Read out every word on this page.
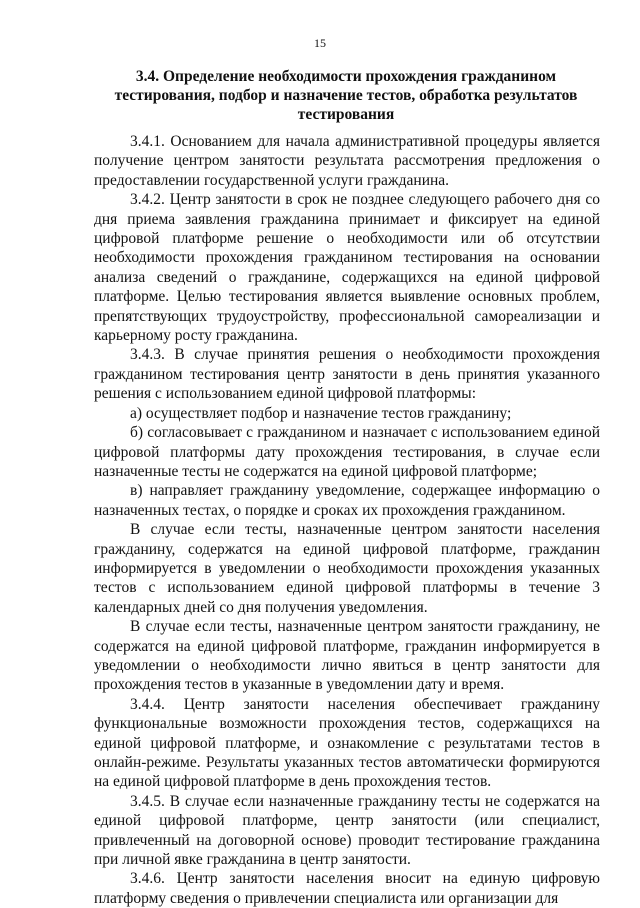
15
3.4. Определение необходимости прохождения гражданином тестирования, подбор и назначение тестов, обработка результатов тестирования

3.4.1. Основанием для начала административной процедуры является получение центром занятости результата рассмотрения предложения о предоставлении государственной услуги гражданина.

3.4.2. Центр занятости в срок не позднее следующего рабочего дня со дня приема заявления гражданина принимает и фиксирует на единой цифровой платформе решение о необходимости или об отсутствии необходимости прохождения гражданином тестирования на основании анализа сведений о гражданине, содержащихся на единой цифровой платформе. Целью тестирования является выявление основных проблем, препятствующих трудоустройству, профессиональной самореализации и карьерному росту гражданина.

3.4.3. В случае принятия решения о необходимости прохождения гражданином тестирования центр занятости в день принятия указанного решения с использованием единой цифровой платформы:

а) осуществляет подбор и назначение тестов гражданину;

б) согласовывает с гражданином и назначает с использованием единой цифровой платформы дату прохождения тестирования, в случае если назначенные тесты не содержатся на единой цифровой платформе;

в) направляет гражданину уведомление, содержащее информацию о назначенных тестах, о порядке и сроках их прохождения гражданином.

В случае если тесты, назначенные центром занятости населения гражданину, содержатся на единой цифровой платформе, гражданин информируется в уведомлении о необходимости прохождения указанных тестов с использованием единой цифровой платформы в течение 3 календарных дней со дня получения уведомления.

В случае если тесты, назначенные центром занятости гражданину, не содержатся на единой цифровой платформе, гражданин информируется в уведомлении о необходимости лично явиться в центр занятости для прохождения тестов в указанные в уведомлении дату и время.

3.4.4. Центр занятости населения обеспечивает гражданину функциональные возможности прохождения тестов, содержащихся на единой цифровой платформе, и ознакомление с результатами тестов в онлайн-режиме. Результаты указанных тестов автоматически формируются на единой цифровой платформе в день прохождения тестов.

3.4.5. В случае если назначенные гражданину тесты не содержатся на единой цифровой платформе, центр занятости (или специалист, привлеченный на договорной основе) проводит тестирование гражданина при личной явке гражданина в центр занятости.

3.4.6. Центр занятости населения вносит на единую цифровую платформу сведения о привлечении специалиста или организации для
